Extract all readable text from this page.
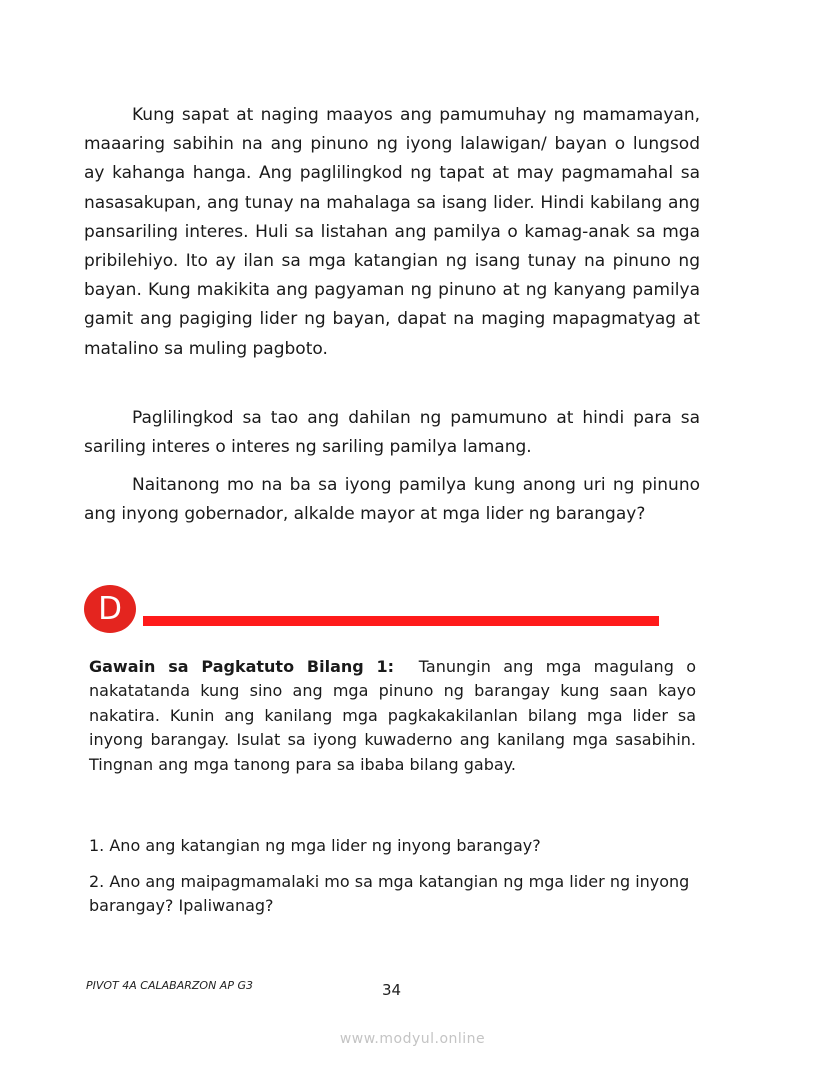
Kung sapat at naging maayos ang pamumuhay ng mamamayan, maaaring sabihin na ang pinuno ng iyong lalawigan/ bayan o lungsod ay kahanga hanga. Ang paglilingkod ng tapat at may pagmamahal sa nasasakupan, ang tunay na mahalaga sa isang lider. Hindi kabilang ang pansariling interes. Huli sa listahan ang pamilya o kamag-anak sa mga pribilehiyo. Ito ay ilan sa mga katangian ng isang tunay na pinuno ng bayan. Kung makikita ang pagyaman ng pinuno at ng kanyang pamilya gamit ang pagiging lider ng bayan, dapat na maging mapagmatyag at matalino sa muling pagboto.

Paglilingkod sa tao ang dahilan ng pamumuno at hindi para sa sariling interes o interes ng sariling pamilya lamang.

Naitanong mo na ba sa iyong pamilya kung anong uri ng pinuno ang inyong gobernador, alkalde mayor at mga lider ng barangay?

D

Gawain sa Pagkatuto Bilang 1: Tanungin ang mga magulang o nakatatanda kung sino ang mga pinuno ng barangay kung saan kayo nakatira. Kunin ang kanilang mga pagkakakilanlan bilang mga lider sa inyong barangay. Isulat sa iyong kuwaderno ang kanilang mga sasabihin. Tingnan ang mga tanong para sa ibaba bilang gabay.

1. Ano ang katangian ng mga lider ng inyong barangay?

2. Ano ang maipagmamalaki mo sa mga katangian ng mga lider ng inyong barangay? Ipaliwanag?

PIVOT 4A CALABARZON AP G3	34
www.modyul.online
